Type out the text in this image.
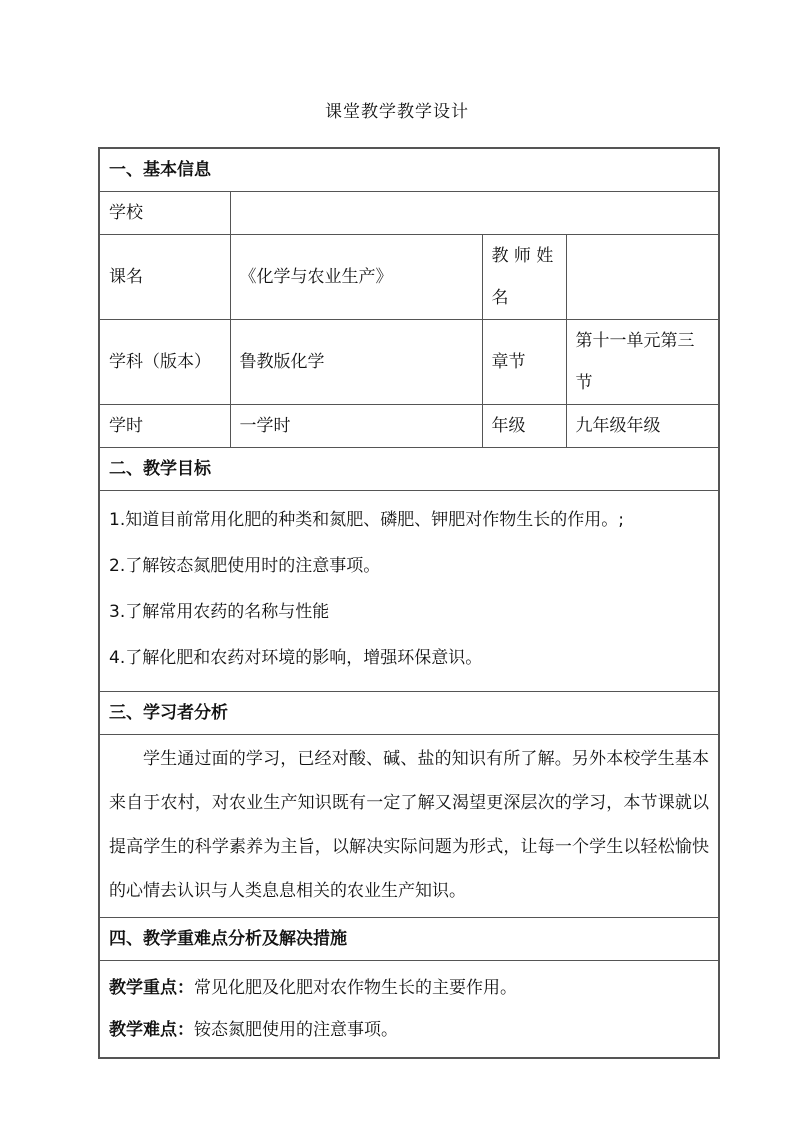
课堂教学教学设计
一、基本信息			
学校			
课名	《化学与农业生产》	教 师 姓 名	
学科（版本）	鲁教版化学	章节	第十一单元第三节
学时	一学时	年级	九年级年级
二、教学目标			

1.知道目前常用化肥的种类和氮肥、磷肥、钾肥对作物生长的作用。;
2.了解铵态氮肥使用时的注意事项。
3.了解常用农药的名称与性能
4.了解化肥和农药对环境的影响，增强环保意识。			

三、学习者分析			

学生通过面的学习，已经对酸、碱、盐的知识有所了解。另外本校学生基本来自于农村，对农业生产知识既有一定了解又渴望更深层次的学习，本节课就以提高学生的科学素养为主旨，以解决实际问题为形式，让每一个学生以轻松愉快的心情去认识与人类息息相关的农业生产知识。			

四、教学重难点分析及解决措施			

教学重点：常见化肥及化肥对农作物生长的主要作用。
教学难点：铵态氮肥使用的注意事项。			
